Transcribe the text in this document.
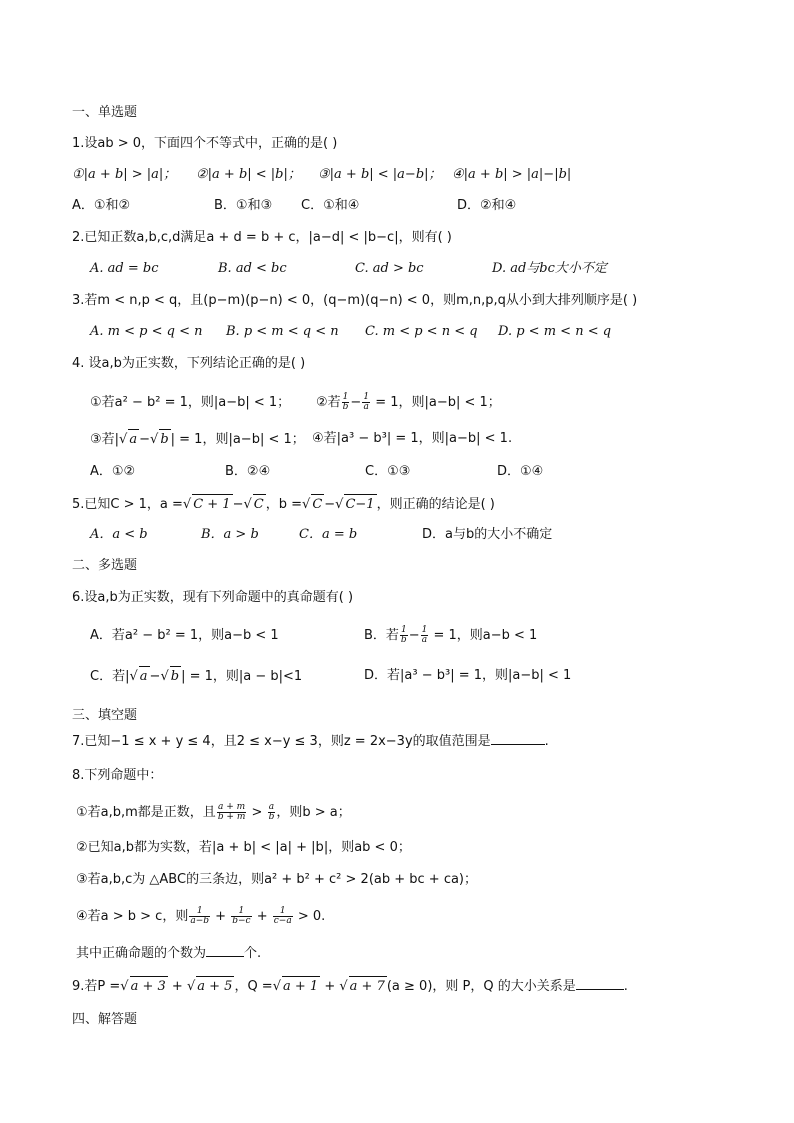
一、单选题
1.设ab > 0，下面四个不等式中，正确的是( )
①|a + b| > |a|； ②|a + b| < |b|； ③|a + b| < |a−b|； ④|a + b| > |a|−|b|
A．①和②	B．①和③ C．①和④	D．②和④
2.已知正数a,b,c,d满足a + d = b + c，|a−d| < |b−c|，则有( )
A. ad = bc	B. ad < bc	C. ad > bc	D. ad与bc大小不定
3.若m < n,p < q，且(p−m)(p−n) < 0，(q−m)(q−n) < 0，则m,n,p,q从小到大排列顺序是( )
A. m < p < q < n B. p < m < q < n C. m < p < n < q D. p < m < n < q
4. 设a,b为正实数，下列结论正确的是( )
①若a² − b² = 1，则|a−b| < 1； ②若 $\frac{1}{b} - \frac{1}{a} = 1$，则|a−b| < 1；
③若|√ a −√ b | = 1，则|a−b| < 1； ④若|a³ − b³| = 1，则|a−b| < 1.
A．①②	B．②④	C．①③	D．①④
5.已知C > 1，a =√ C + 1 −√ C ，b =√ C −√ C−1 ，则正确的结论是( )
A．a < b	B．a > b	C．a = b	D．a与b的大小不确定
二、多选题
6.设a,b为正实数，现有下列命题中的真命题有( )
A．若a² − b² = 1，则a−b < 1	B．若 $\frac{1}{b} - \frac{1}{a} = 1$，则a−b < 1
C．若|√ a −√ b | = 1，则|a − b|<1	D．若|a³ − b³| = 1，则|a−b| < 1
三、填空题
7.已知−1 ≤ x + y ≤ 4，且2 ≤ x−y ≤ 3，则z = 2x−3y的取值范围是	.
8.下列命题中：
①若a,b,m都是正数，且 $\frac{a + m}{b + m} > \frac{a}{b}$ ，则b > a；
②已知a,b都为实数，若|a + b| < |a| + |b|，则ab < 0；
③若a,b,c为 △ABC的三条边，则a² + b² + c² > 2(ab + bc + ca)；
④若a > b > c，则 $\frac{1}{a-b} + \frac{1}{b-c} + \frac{1}{c-a} > 0$.
其中正确命题的个数为	个.
9.若P =√ a + 3 + √ a + 5 ，Q =√ a + 1 + √ a + 7 (a ≥ 0)，则 P，Q 的大小关系是	.
四、解答题
